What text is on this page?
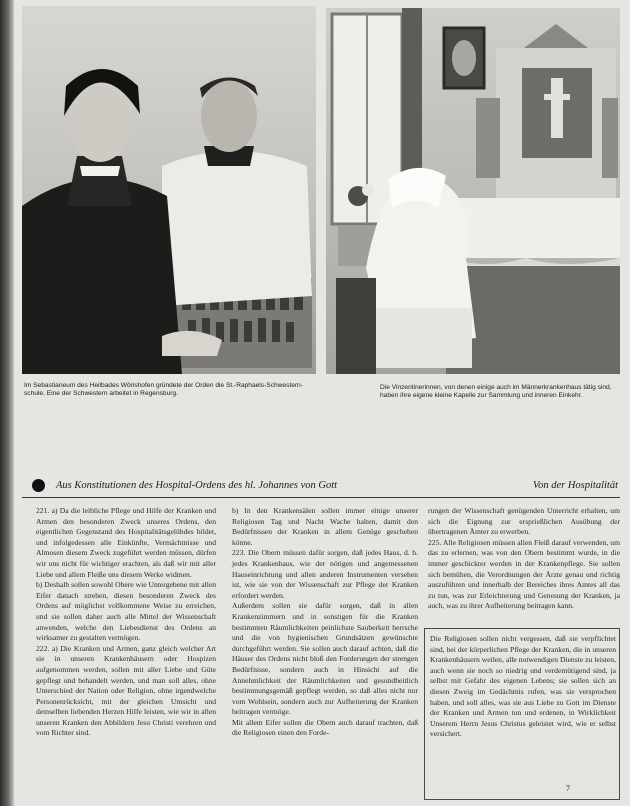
Im Sebastianeum des Heilbades Wörishofen gründete der Orden die St.-Raphaels-Schwestern-schule. Eine der Schwestern arbeitet in Regensburg.
Die Vinzentinerinnen, von denen einige auch im Männerkrankenhaus tätig sind, haben ihre eigene kleine Kapelle zur Sammlung und inneren Einkehr.
Aus Konstitutionen des Hospital-Ordens des hl. Johannes von Gott	Von der Hospitalität

221. a) Da die leibliche Pflege und Hilfe der Kranken und Armen den besonderen Zweck unseres Ordens, den eigentlichen Gegenstand des Hospitalitätsgelübdes bildet, und infolgedessen alle Einkünfte, Vermächtnisse und Almosen diesem Zweck zugeführt werden müssen, dürfen wir uns nicht für wichtiger erachten, als daß wir mit aller Liebe und allem Fleiße uns diesem Werke widmen.

b) Deshalb sollen sowohl Obere wie Untergebene mit allen Eifer danach streben, diesen besonderen Zweck des Ordens auf möglichst vollkommene Weise zu erreichen, und sie sollen daher auch alle Mittel der Wissenschaft anwenden, welche den Liebesdienst des Ordens an wirksamer zu gestalten vermögen.

222. a) Die Kranken und Armen, ganz gleich welcher Art sie in unseren Krankenhäusern oder Hospizen aufgenommen werden, sollen mit aller Liebe und Güte gepflegt und behandelt werden, und man soll alles, ohne Unterschied der Nation oder Religion, ohne irgendwelche Personenrücksicht, mit der gleichen Umsicht und demselben liebenden Herzen Hilfe leisten, wie wir in allen unseren Kranken den Abbildern Jesu Christi verehren und vom Richter sind.

b) In den Krankensälen sollen immer einige unserer Religiosen Tag und Nacht Wache halten, damit den Bedürfnissen der Kranken in allem Genüge geschehen könne.

223. Die Obern müssen dafür sorgen, daß jedes Haus, d. h. jedes Krankenhaus, wie der nötigen und angemessenen Hauseinrichtung und allen anderen Instrumenten versehen ist, wie sie von der Wissenschaft zur Pflege der Kranken erfordert werden.

Außerdem sollen sie dafür sorgen, daß in allen Krankenzimmern und in sonstigen für die Kranken bestimmten Räumlichkeiten peinlichste Sauberkeit herrsche und die von hygienischen Grundsätzen gewünschte durchgeführt werden. Sie sollen auch darauf achten, daß die Häuser des Ordens nicht bloß den Forderungen der strengen Bedürfnisse, sondern auch in Hinsicht auf die Annehmlichkeit der Räumlichkeiten und gesundheitlich bestimmungsgemäß gepflegt werden, so daß alles nicht nur vom Wohlsein, sondern auch zur Aufheiterung der Kranken beitragen vermöge.

Mit allem Eifer sollen die Obern auch darauf trachten, daß die Religiosen einen den Forde-

rungen der Wissenschaft genügenden Unterricht erhalten, um sich die Eignung zur ersprießlichen Ausübung der übertragenen Ämter zu erwerben.

225. Alle Religiosen müssen allen Fleiß darauf verwenden, um das zu erlernen, was von den Obern bestimmt wurde, in die immer geschickter werden in der Krankenpflege. Sie sollen sich bemühen, die Verordnungen der Ärzte genau und richtig auszuführen und innerhalb der Bereiches ihres Amtes all das zu tun, was zur Erleichterung und Genesung der Kranken, ja auch, was zu ihrer Aufheiterung beitragen kann.

Die Religiosen sollen nicht vergessen, daß sie verpflichtet sind, bei der körperlichen Pflege der Kranken, die in unseren Krankenhäusern weilen, alle notwendigen Dienste zu leisten, auch wenn sie noch so niedrig und verdemütigend sind, ja selbst mit Gefahr des eigenen Lebens; sie sollen sich an diesen Zweig im Gedächtnis rufen, was sie versprochen haben, und soll alles, was sie aus Liebe zu Gott im Dienste der Kranken und Armen tun und erdenen, in Wirklichkeit Unserem Herrn Jesus Christus geleistet wird, wie er selbst versichert.
7
